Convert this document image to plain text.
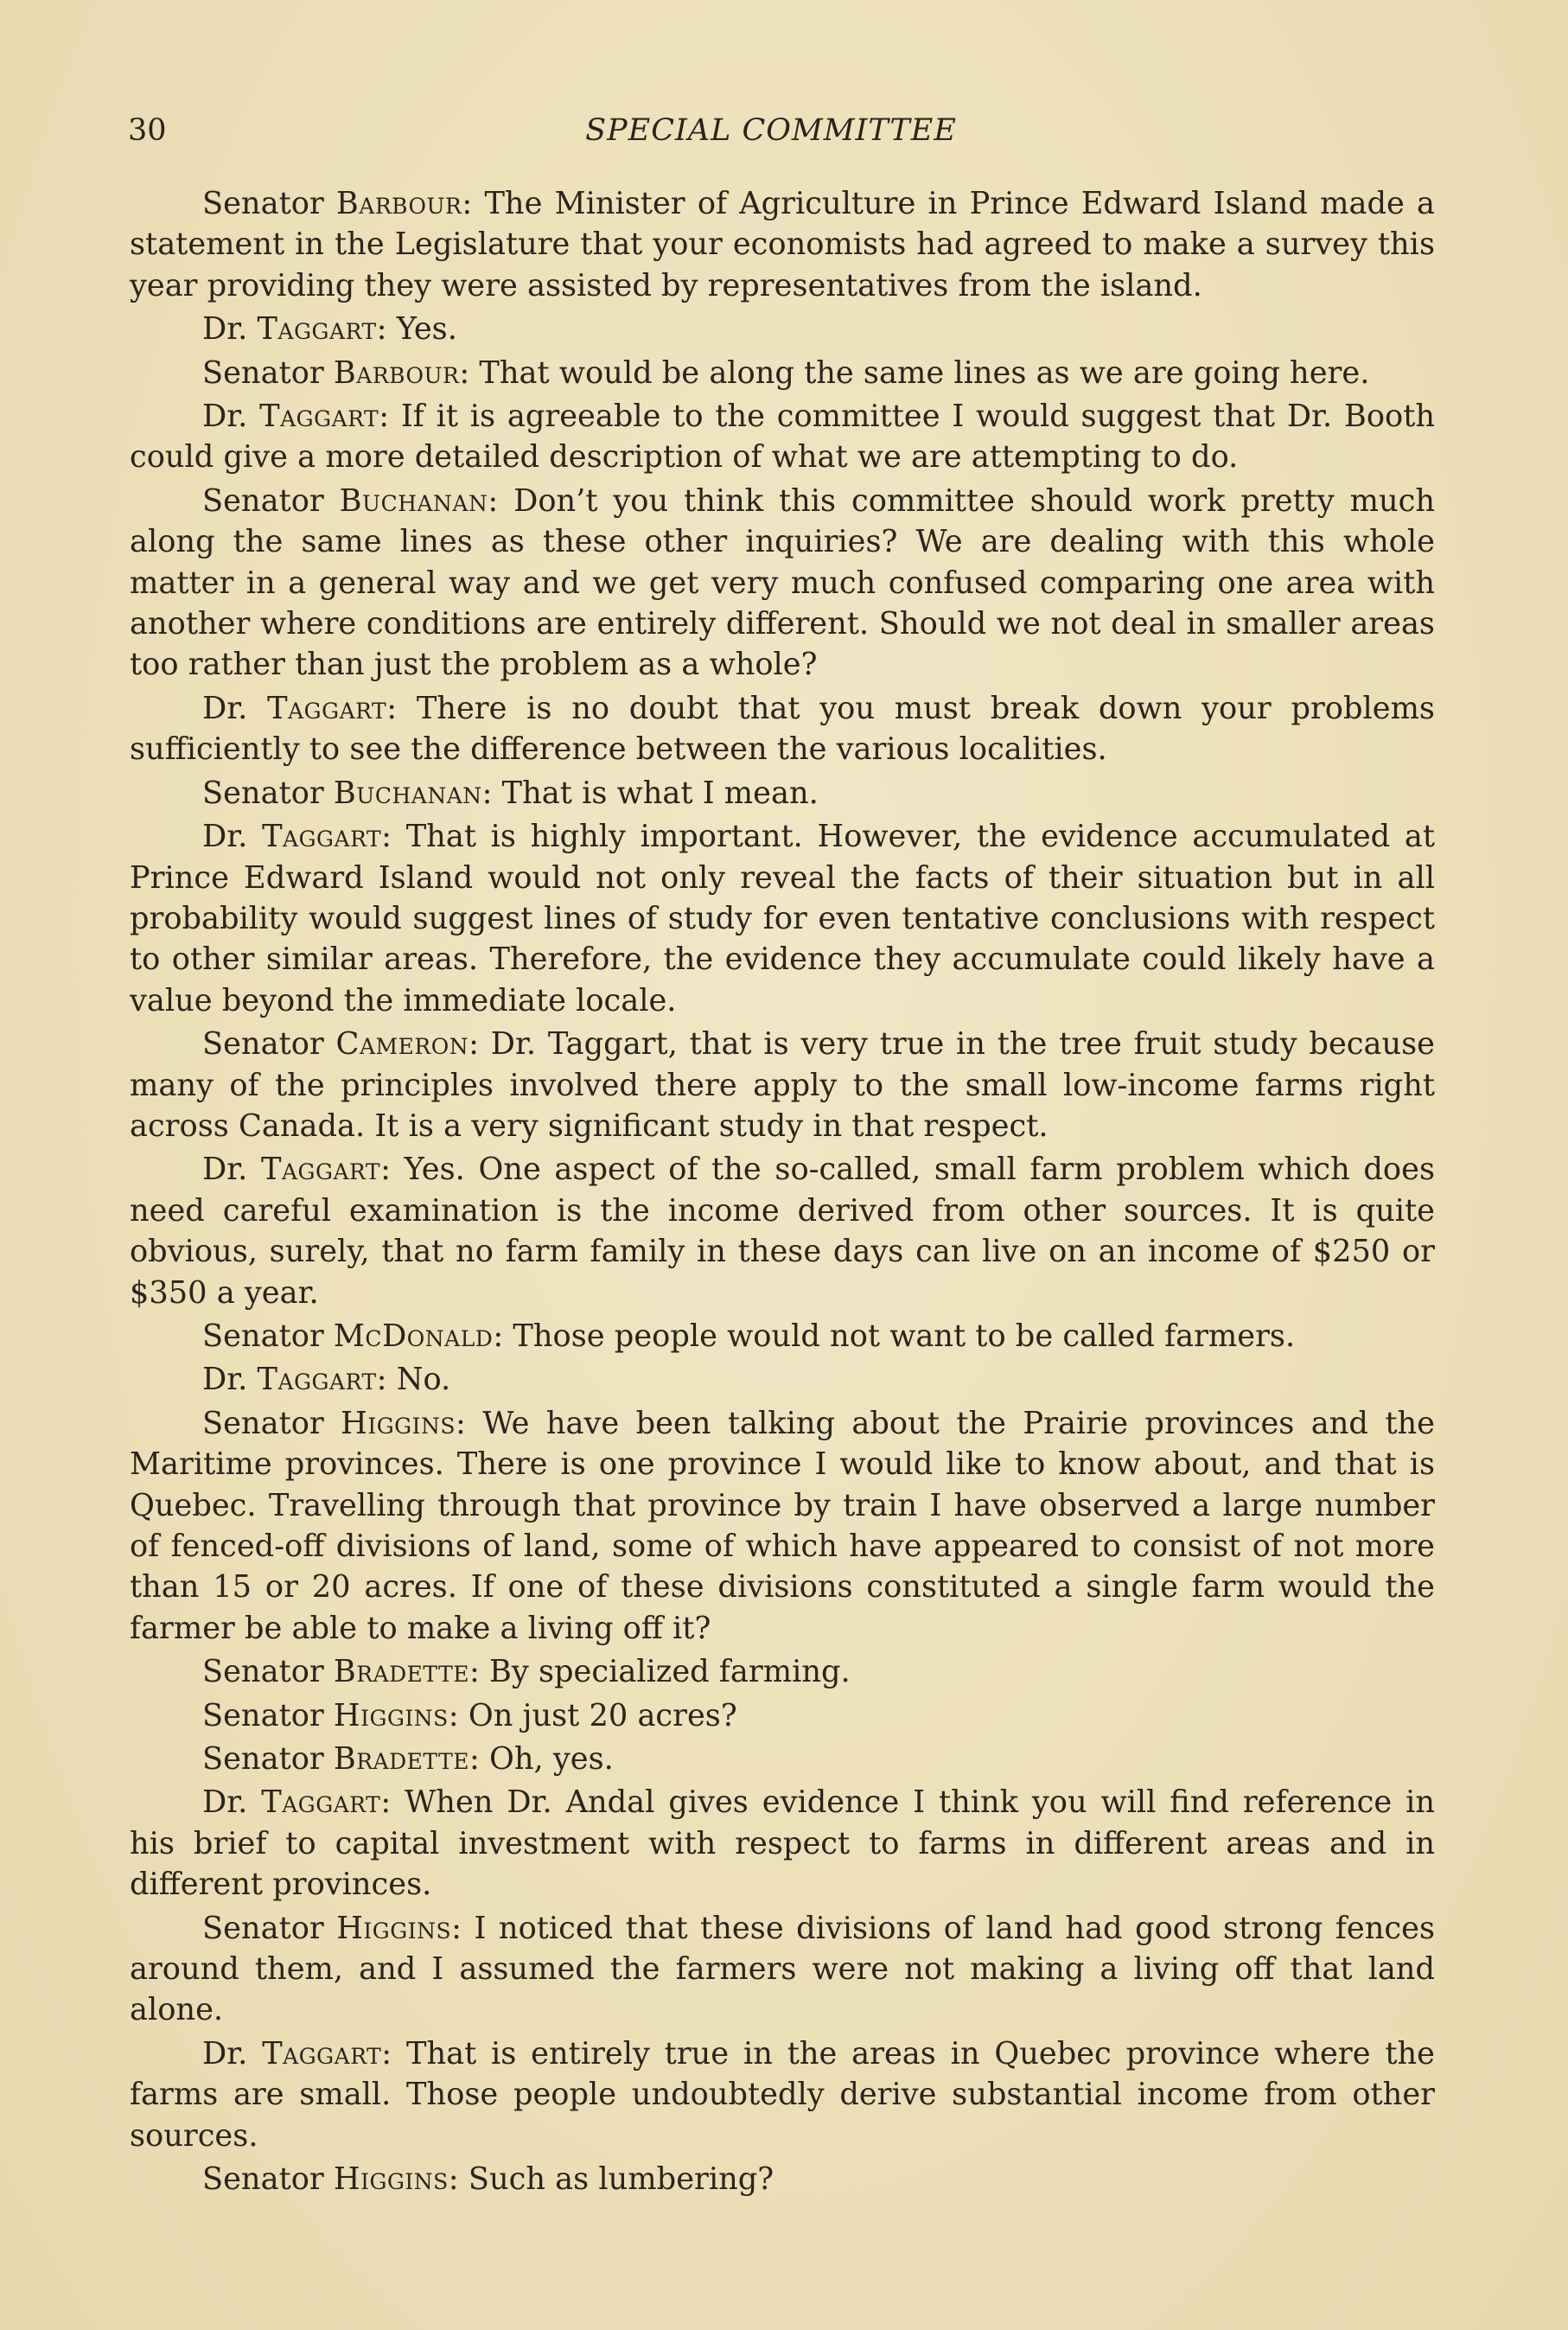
30	SPECIAL COMMITTEE

Senator Barbour: The Minister of Agriculture in Prince Edward Island made a statement in the Legislature that your economists had agreed to make a survey this year providing they were assisted by representatives from the island.

Dr. Taggart: Yes.

Senator Barbour: That would be along the same lines as we are going here.

Dr. Taggart: If it is agreeable to the committee I would suggest that Dr. Booth could give a more detailed description of what we are attempting to do.

Senator Buchanan: Don’t you think this committee should work pretty much along the same lines as these other inquiries? We are dealing with this whole matter in a general way and we get very much confused comparing one area with another where conditions are entirely different. Should we not deal in smaller areas too rather than just the problem as a whole?

Dr. Taggart: There is no doubt that you must break down your problems sufficiently to see the difference between the various localities.

Senator Buchanan: That is what I mean.

Dr. Taggart: That is highly important. However, the evidence accumulated at Prince Edward Island would not only reveal the facts of their situation but in all probability would suggest lines of study for even tentative conclusions with respect to other similar areas. Therefore, the evidence they accumulate could likely have a value beyond the immediate locale.

Senator Cameron: Dr. Taggart, that is very true in the tree fruit study because many of the principles involved there apply to the small low-income farms right across Canada. It is a very significant study in that respect.

Dr. Taggart: Yes. One aspect of the so-called, small farm problem which does need careful examination is the income derived from other sources. It is quite obvious, surely, that no farm family in these days can live on an income of $250 or $350 a year.

Senator McDonald: Those people would not want to be called farmers.

Dr. Taggart: No.

Senator Higgins: We have been talking about the Prairie provinces and the Maritime provinces. There is one province I would like to know about, and that is Quebec. Travelling through that province by train I have observed a large number of fenced-off divisions of land, some of which have appeared to consist of not more than 15 or 20 acres. If one of these divisions constituted a single farm would the farmer be able to make a living off it?

Senator Bradette: By specialized farming.

Senator Higgins: On just 20 acres?

Senator Bradette: Oh, yes.

Dr. Taggart: When Dr. Andal gives evidence I think you will find reference in his brief to capital investment with respect to farms in different areas and in different provinces.

Senator Higgins: I noticed that these divisions of land had good strong fences around them, and I assumed the farmers were not making a living off that land alone.

Dr. Taggart: That is entirely true in the areas in Quebec province where the farms are small. Those people undoubtedly derive substantial income from other sources.

Senator Higgins: Such as lumbering?
